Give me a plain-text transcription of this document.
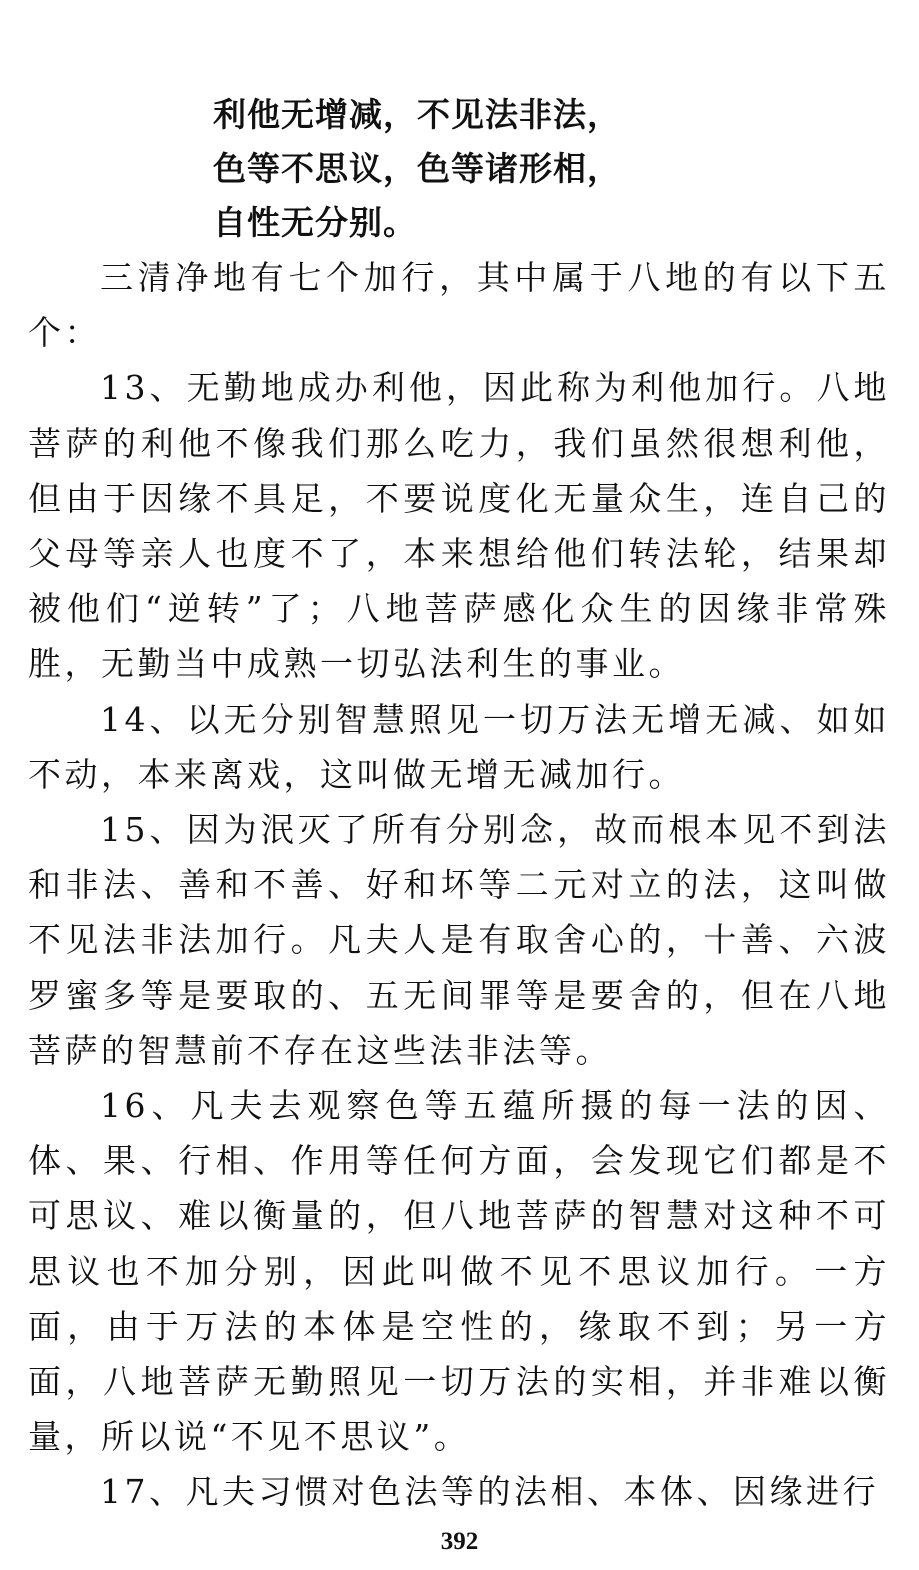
利他无增减，不见法非法，
色等不思议，色等诸形相，
自性无分别。

三清净地有七个加行，其中属于八地的有以下五个：

13、无勤地成办利他，因此称为利他加行。八地菩萨的利他不像我们那么吃力，我们虽然很想利他，但由于因缘不具足，不要说度化无量众生，连自己的父母等亲人也度不了，本来想给他们转法轮，结果却被他们“逆转”了；八地菩萨感化众生的因缘非常殊胜，无勤当中成熟一切弘法利生的事业。

14、以无分别智慧照见一切万法无增无减、如如不动，本来离戏，这叫做无增无减加行。

15、因为泯灭了所有分别念，故而根本见不到法和非法、善和不善、好和坏等二元对立的法，这叫做不见法非法加行。凡夫人是有取舍心的，十善、六波罗蜜多等是要取的、五无间罪等是要舍的，但在八地菩萨的智慧前不存在这些法非法等。

16、凡夫去观察色等五蕴所摄的每一法的因、体、果、行相、作用等任何方面，会发现它们都是不可思议、难以衡量的，但八地菩萨的智慧对这种不可思议也不加分别，因此叫做不见不思议加行。一方面，由于万法的本体是空性的，缘取不到；另一方面，八地菩萨无勤照见一切万法的实相，并非难以衡量，所以说“不见不思议”。

17、凡夫习惯对色法等的法相、本体、因缘进行

392
